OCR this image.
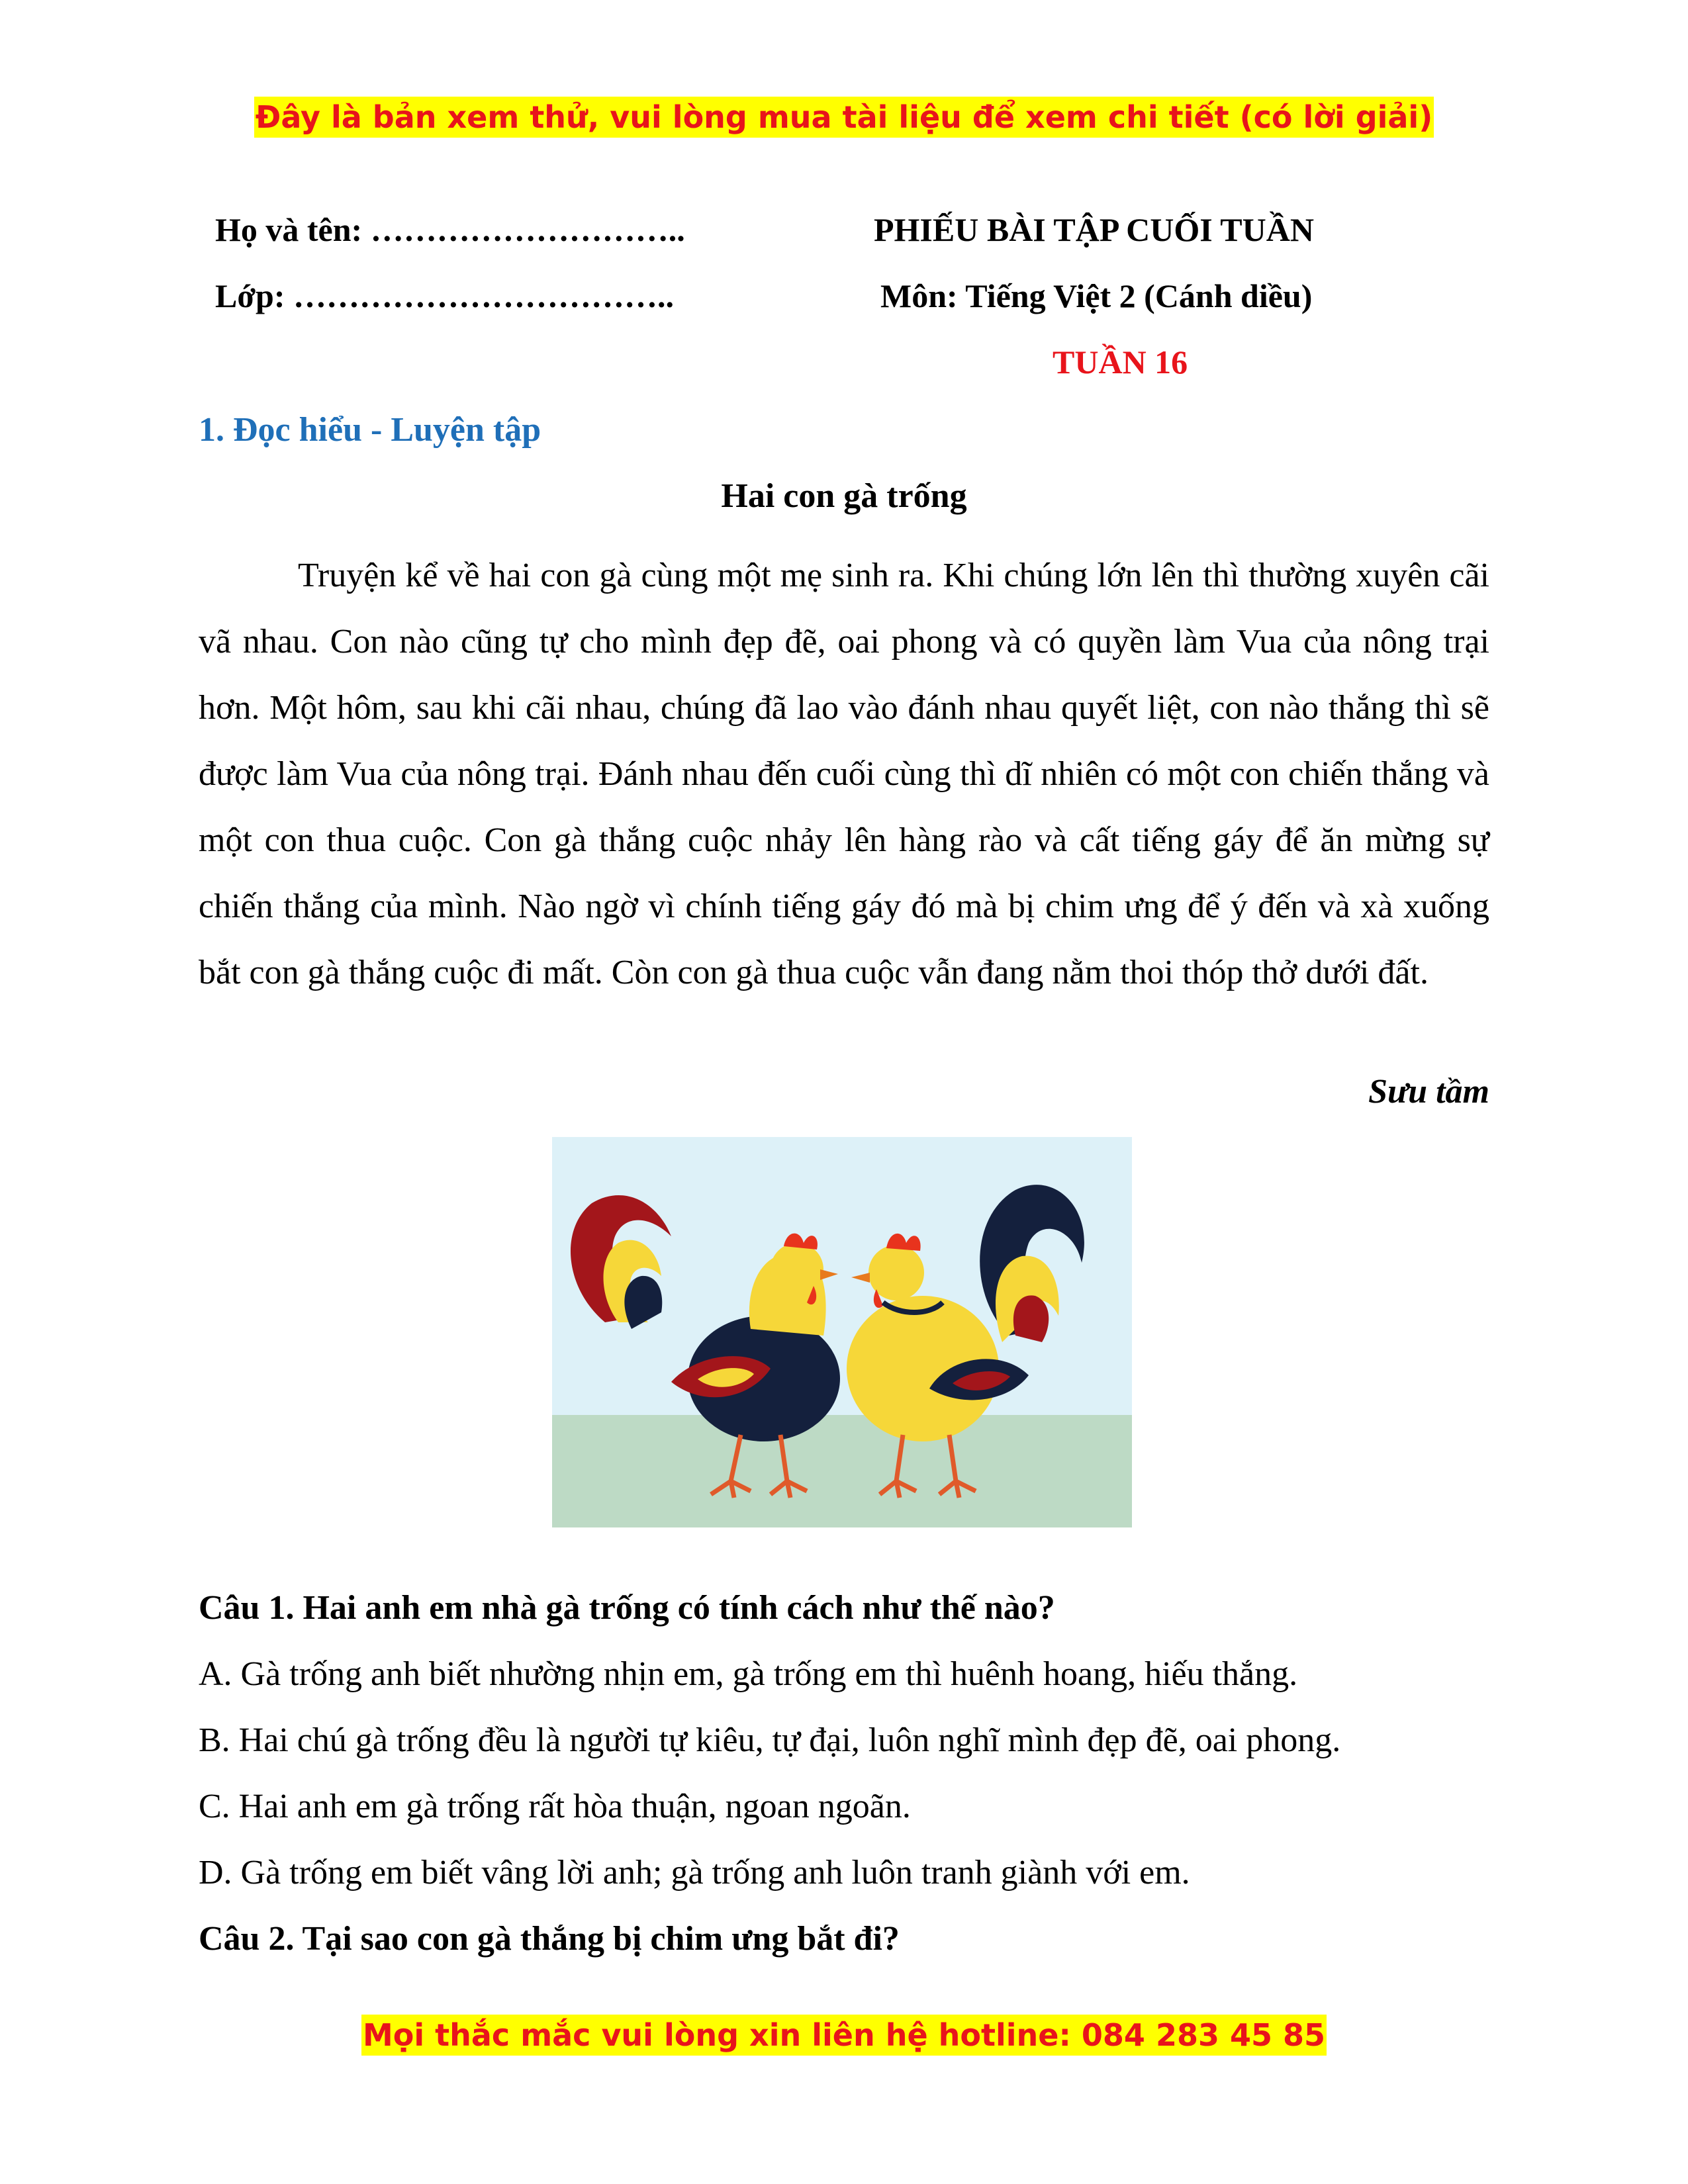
Đây là bản xem thử, vui lòng mua tài liệu để xem chi tiết (có lời giải)
Họ và tên: ………………………..
Lớp: ……………………………..
PHIẾU BÀI TẬP CUỐI TUẦN
Môn: Tiếng Việt 2 (Cánh diều)
TUẦN 16
1. Đọc hiểu - Luyện tập
Hai con gà trống

Truyện kể về hai con gà cùng một mẹ sinh ra. Khi chúng lớn lên thì thường xuyên cãi vã nhau. Con nào cũng tự cho mình đẹp đẽ, oai phong và có quyền làm Vua của nông trại hơn. Một hôm, sau khi cãi nhau, chúng đã lao vào đánh nhau quyết liệt, con nào thắng thì sẽ được làm Vua của nông trại. Đánh nhau đến cuối cùng thì dĩ nhiên có một con chiến thắng và một con thua cuộc. Con gà thắng cuộc nhảy lên hàng rào và cất tiếng gáy để ăn mừng sự chiến thắng của mình. Nào ngờ vì chính tiếng gáy đó mà bị chim ưng để ý đến và xà xuống bắt con gà thắng cuộc đi mất. Còn con gà thua cuộc vẫn đang nằm thoi thóp thở dưới đất.

Sưu tầm
Câu 1. Hai anh em nhà gà trống có tính cách như thế nào?
A. Gà trống anh biết nhường nhịn em, gà trống em thì huênh hoang, hiếu thắng.
B. Hai chú gà trống đều là người tự kiêu, tự đại, luôn nghĩ mình đẹp đẽ, oai phong.
C. Hai anh em gà trống rất hòa thuận, ngoan ngoãn.
D. Gà trống em biết vâng lời anh; gà trống anh luôn tranh giành với em.
Câu 2. Tại sao con gà thắng bị chim ưng bắt đi?
Mọi thắc mắc vui lòng xin liên hệ hotline: 084 283 45 85
